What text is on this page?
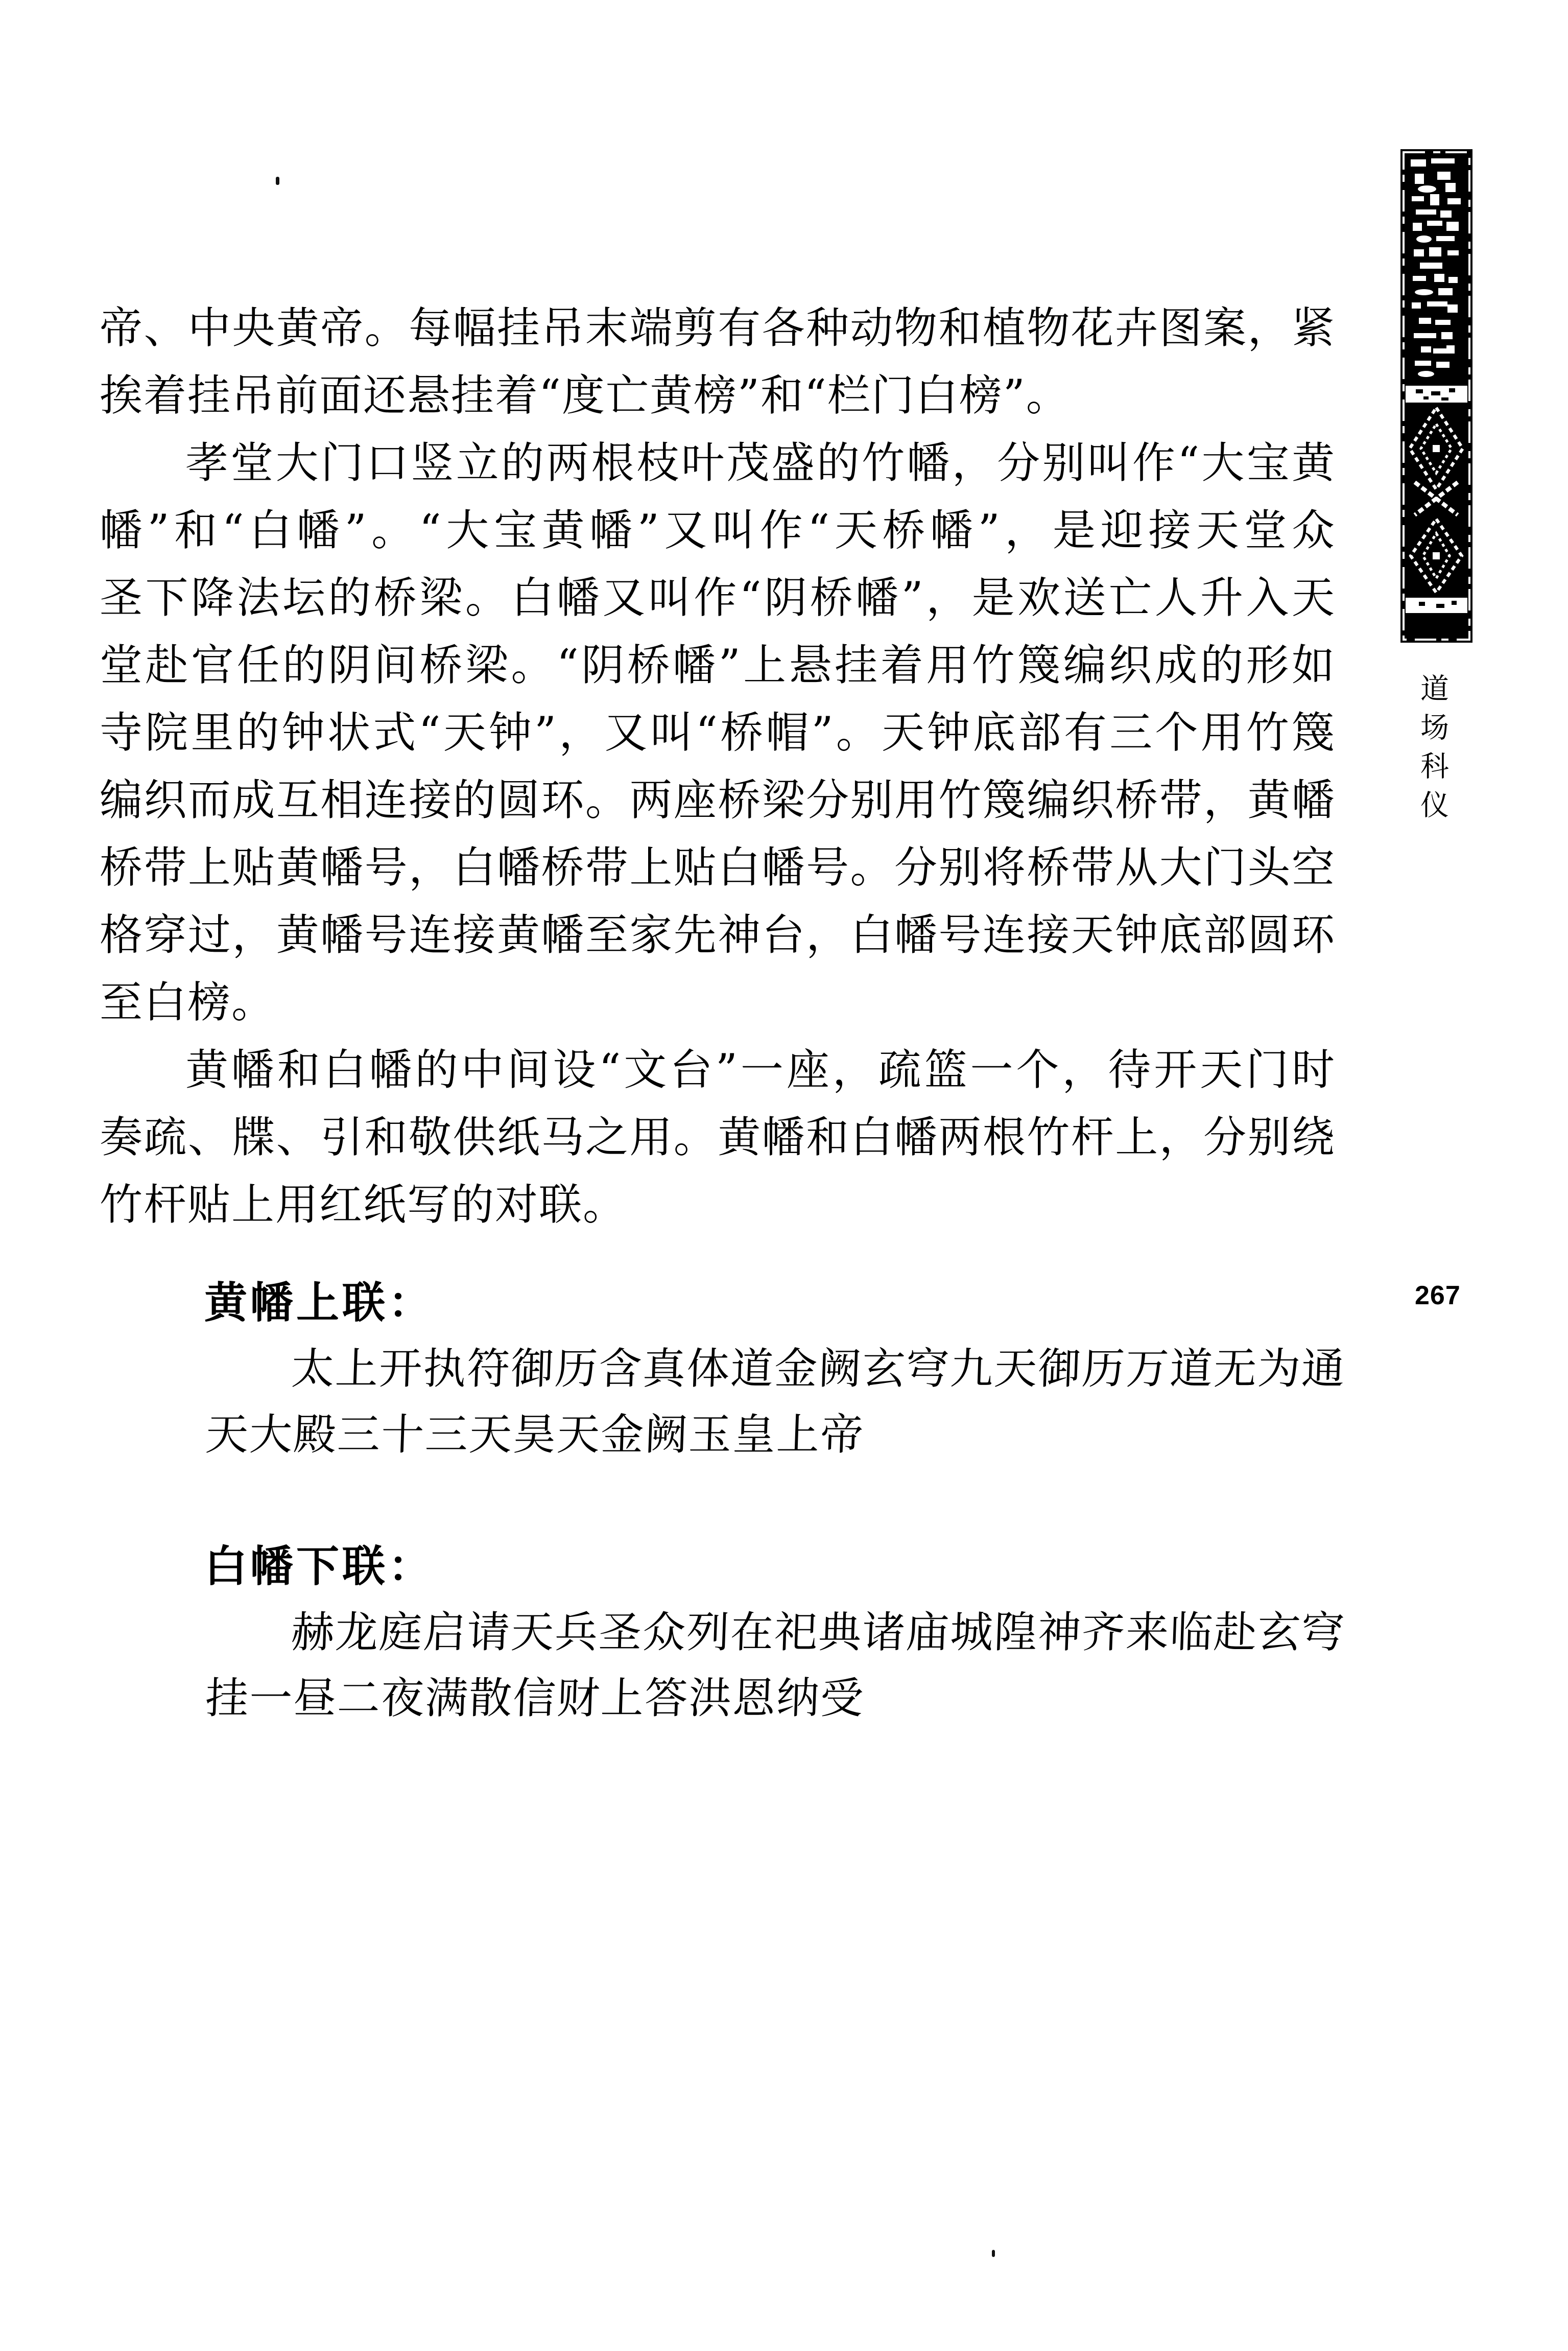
帝、中央黄帝。每幅挂吊末端剪有各种动物和植物花卉图案，紧
挨着挂吊前面还悬挂着“度亡黄榜”和“栏门白榜”。
孝堂大门口竖立的两根枝叶茂盛的竹幡，分别叫作“大宝黄
幡”和“白幡”。“大宝黄幡”又叫作“天桥幡”，是迎接天堂众
圣下降法坛的桥梁。白幡又叫作“阴桥幡”，是欢送亡人升入天
堂赴官任的阴间桥梁。“阴桥幡”上悬挂着用竹篾编织成的形如
寺院里的钟状式“天钟”，又叫“桥帽”。天钟底部有三个用竹篾
编织而成互相连接的圆环。两座桥梁分别用竹篾编织桥带，黄幡
桥带上贴黄幡号，白幡桥带上贴白幡号。分别将桥带从大门头空
格穿过，黄幡号连接黄幡至家先神台，白幡号连接天钟底部圆环
至白榜。
黄幡和白幡的中间设“文台”一座，疏篮一个，待开天门时
奏疏、牒、引和敬供纸马之用。黄幡和白幡两根竹杆上，分别绕
竹杆贴上用红纸写的对联。
黄幡上联：
太上开执符御历含真体道金阙玄穹九天御历万道无为通
天大殿三十三天昊天金阙玉皇上帝
白幡下联：
赫龙庭启请天兵圣众列在祀典诸庙城隍神齐来临赴玄穹
挂一昼二夜满散信财上答洪恩纳受
道场科仪
267
